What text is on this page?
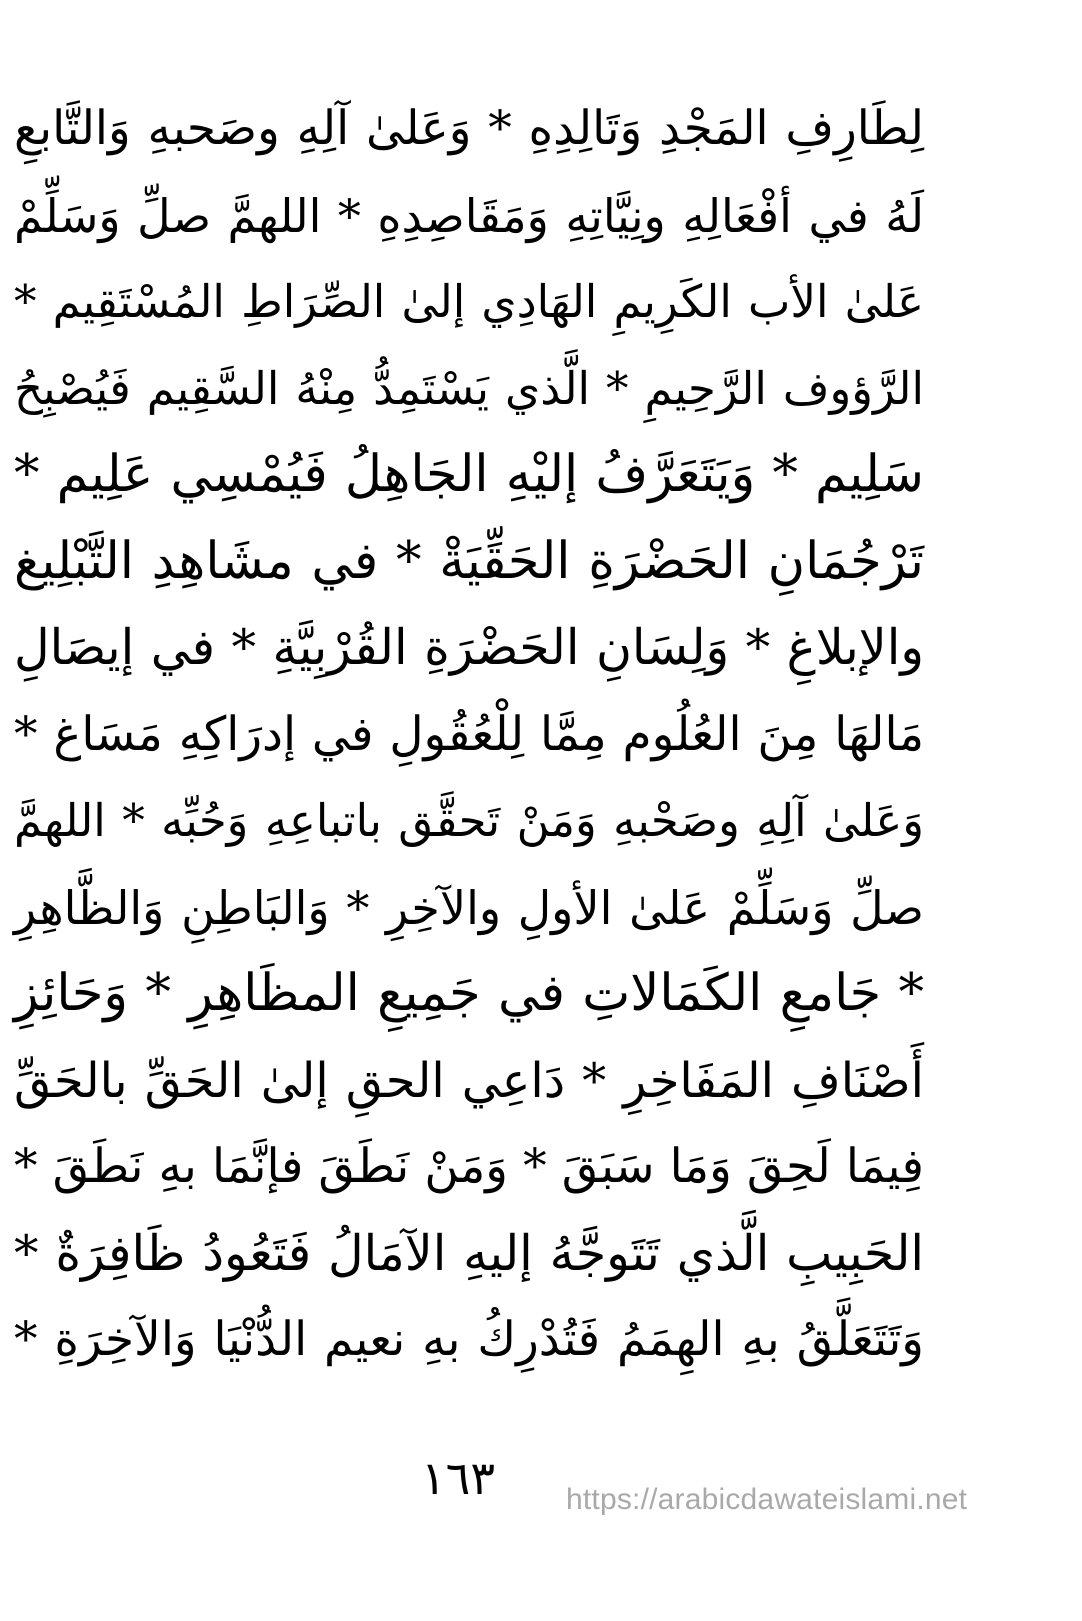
لِطَارِفِ المَجْدِ وَتَالِدِهِ * وَعَلىٰ آلِهِ وصَحبهِ وَالتَّابعِ
لَهُ في أفْعَالِهِ ونِيَّاتِهِ وَمَقَاصِدِهِ * اللهمَّ صلِّ وَسَلِّمْ
عَلىٰ الأب الكَرِيمِ الهَادِي إلىٰ الصِّرَاطِ المُسْتَقِيم *
الرَّؤوف الرَّحِيمِ * الَّذي يَسْتَمِدُّ مِنْهُ السَّقِيم فَيُصْبِحُ
سَلِيم * وَيَتَعَرَّفُ إليْهِ الجَاهِلُ فَيُمْسِي عَلِيم *
تَرْجُمَانِ الحَضْرَةِ الحَقِّيَةْ * في مشَاهِدِ التَّبْلِيغ
والإبلاغِ * وَلِسَانِ الحَضْرَةِ القُرْبِيَّةِ * في إيصَالِ
مَالهَا مِنَ العُلُوم مِمَّا لِلْعُقُولِ في إدرَاكِهِ مَسَاغ *
وَعَلىٰ آلِهِ وصَحْبهِ وَمَنْ تَحقَّق باتباعِهِ وَحُبِّه * اللهمَّ
صلِّ وَسَلِّمْ عَلىٰ الأولِ والآخِرِ * وَالبَاطِنِ وَالظَّاهِرِ
* جَامعِ الكَمَالاتِ في جَمِيعِ المظَاهِرِ * وَحَائِزِ
أَصْنَافِ المَفَاخِرِ * دَاعِي الحقِ إلىٰ الحَقِّ بالحَقِّ
فِيمَا لَحِقَ وَمَا سَبَقَ * وَمَنْ نَطَقَ فإنَّمَا بهِ نَطَقَ *
الحَبِيبِ الَّذي تَتَوجَّهُ إليهِ الآمَالُ فَتَعُودُ ظَافِرَةٌ *
وَتَتَعَلَّقُ بهِ الهِمَمُ فَتُدْرِكُ بهِ نعيم الدُّنْيَا وَالآخِرَةِ *
١٦٣	https://arabicdawateislami.net
